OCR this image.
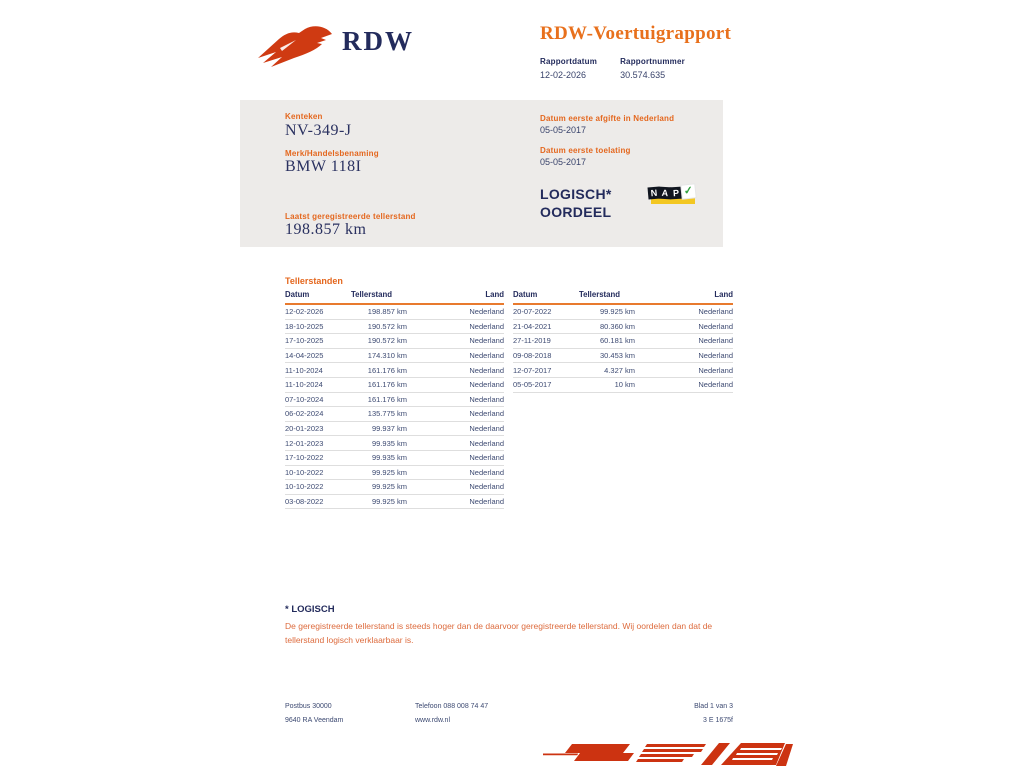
RDW	RDW-Voertuigrapport
Rapportdatum
12-02-2026
Rapportnummer
30.574.635
Kenteken
NV-349-J
Merk/Handelsbenaming
BMW 118I
Laatst geregistreerde tellerstand
198.857 km
Datum eerste afgifte in Nederland
05-05-2017
Datum eerste toelating
05-05-2017
LOGISCH*
OORDEEL
N A P ✓
Tellerstanden
Datum	Tellerstand	Land
12-02-2026	198.857 km	Nederland
18-10-2025	190.572 km	Nederland
17-10-2025	190.572 km	Nederland
14-04-2025	174.310 km	Nederland
11-10-2024	161.176 km	Nederland
11-10-2024	161.176 km	Nederland
07-10-2024	161.176 km	Nederland
06-02-2024	135.775 km	Nederland
20-01-2023	99.937 km	Nederland
12-01-2023	99.935 km	Nederland
17-10-2022	99.935 km	Nederland
10-10-2022	99.925 km	Nederland
10-10-2022	99.925 km	Nederland
03-08-2022	99.925 km	Nederland
Datum	Tellerstand	Land
20-07-2022	99.925 km	Nederland
21-04-2021	80.360 km	Nederland
27-11-2019	60.181 km	Nederland
09-08-2018	30.453 km	Nederland
12-07-2017	4.327 km	Nederland
05-05-2017	10 km	Nederland
* LOGISCH
De geregistreerde tellerstand is steeds hoger dan de daarvoor geregistreerde tellerstand. Wij oordelen dan dat de tellerstand logisch verklaarbaar is.
Postbus 30000
9640 RA Veendam
Telefoon 088 008 74 47
www.rdw.nl
Blad 1 van 3
3 E 1675f
